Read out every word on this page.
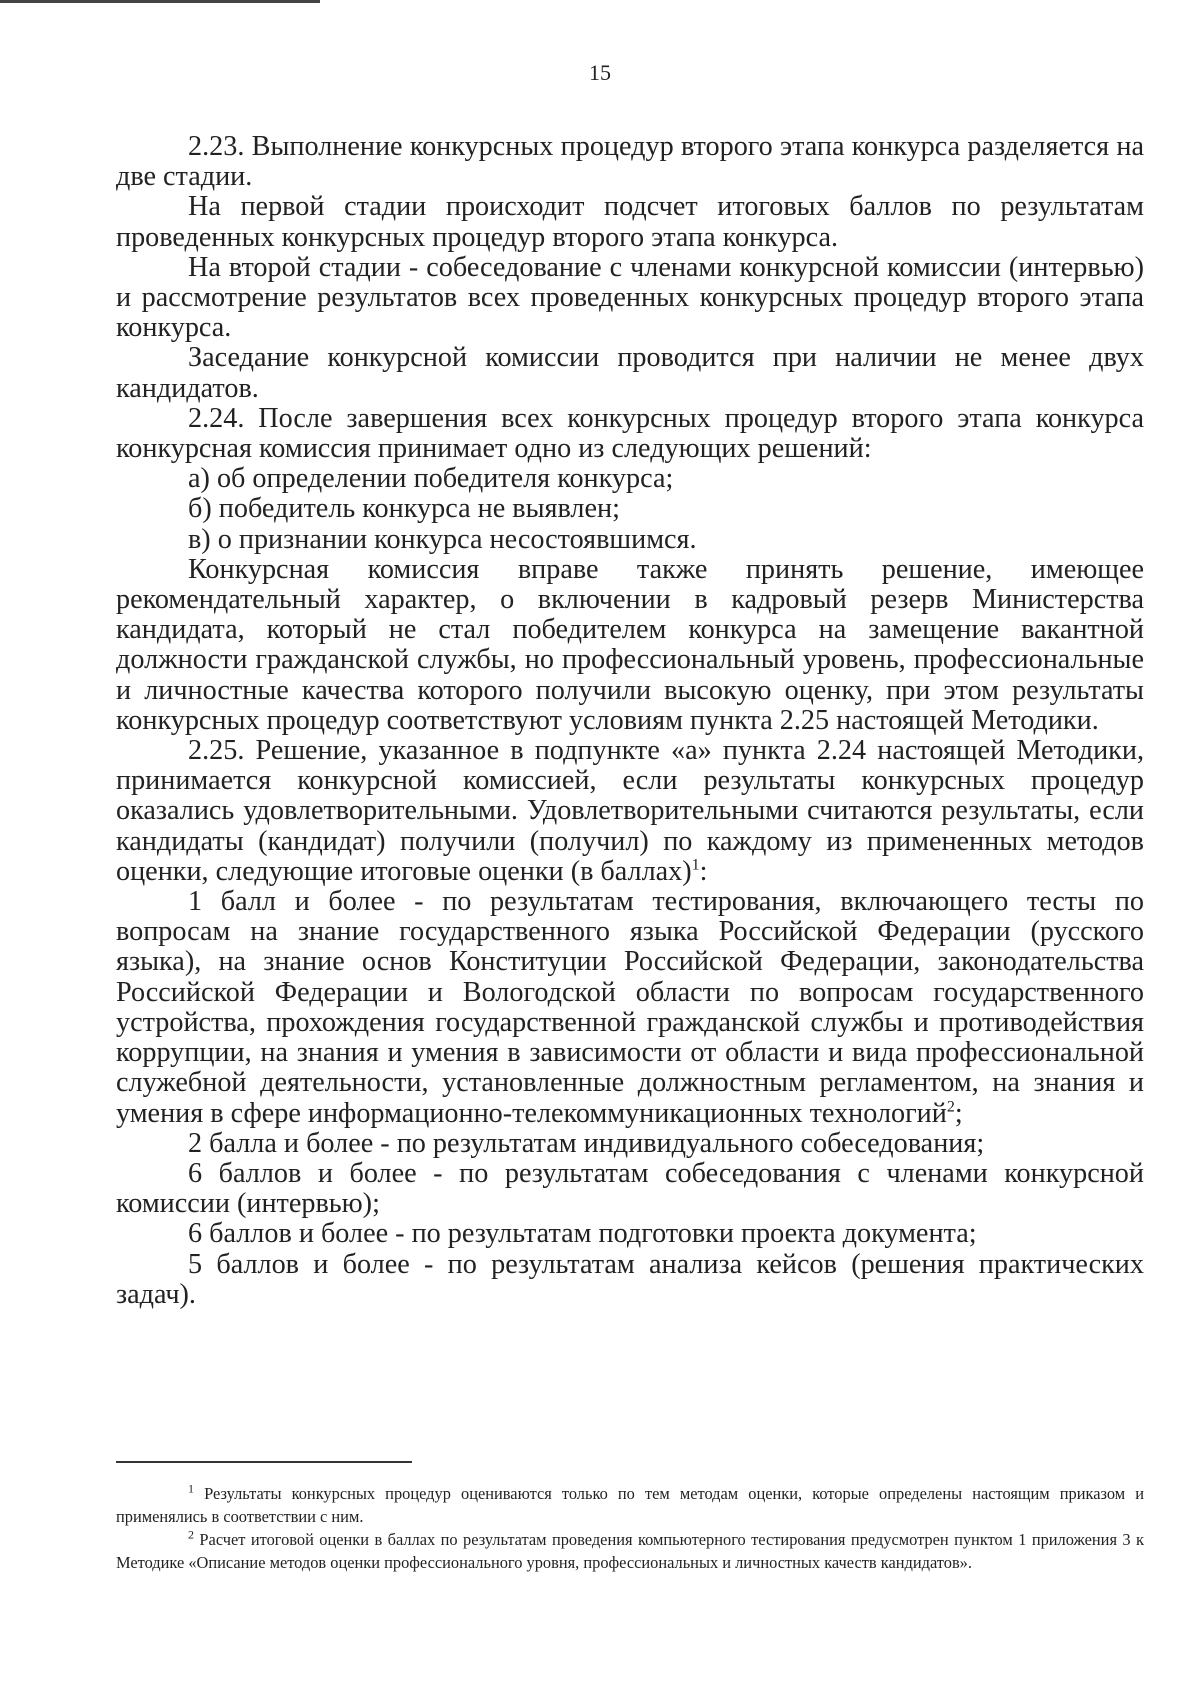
15

2.23. Выполнение конкурсных процедур второго этапа конкурса разделяется на две стадии.

На первой стадии происходит подсчет итоговых баллов по результатам проведенных конкурсных процедур второго этапа конкурса.

На второй стадии - собеседование с членами конкурсной комиссии (интервью) и рассмотрение результатов всех проведенных конкурсных процедур второго этапа конкурса.

Заседание конкурсной комиссии проводится при наличии не менее двух кандидатов.

2.24. После завершения всех конкурсных процедур второго этапа конкурса конкурсная комиссия принимает одно из следующих решений:

а) об определении победителя конкурса;

б) победитель конкурса не выявлен;

в) о признании конкурса несостоявшимся.

Конкурсная комиссия вправе также принять решение, имеющее рекомендательный характер, о включении в кадровый резерв Министерства кандидата, который не стал победителем конкурса на замещение вакантной должности гражданской службы, но профессиональный уровень, профессиональные и личностные качества которого получили высокую оценку, при этом результаты конкурсных процедур соответствуют условиям пункта 2.25 настоящей Методики.

2.25. Решение, указанное в подпункте «а» пункта 2.24 настоящей Методики, принимается конкурсной комиссией, если результаты конкурсных процедур оказались удовлетворительными. Удовлетворительными считаются результаты, если кандидаты (кандидат) получили (получил) по каждому из примененных методов оценки, следующие итоговые оценки (в баллах)$^1$:

1 балл и более - по результатам тестирования, включающего тесты по вопросам на знание государственного языка Российской Федерации (русского языка), на знание основ Конституции Российской Федерации, законодательства Российской Федерации и Вологодской области по вопросам государственного устройства, прохождения государственной гражданской службы и противодействия коррупции, на знания и умения в зависимости от области и вида профессиональной служебной деятельности, установленные должностным регламентом, на знания и умения в сфере информационно-телекоммуникационных технологий$^2$;

2 балла и более - по результатам индивидуального собеседования;

6 баллов и более - по результатам собеседования с членами конкурсной комиссии (интервью);

6 баллов и более - по результатам подготовки проекта документа;

5 баллов и более - по результатам анализа кейсов (решения практических задач).

$^1$ Результаты конкурсных процедур оцениваются только по тем методам оценки, которые определены настоящим приказом и применялись в соответствии с ним.

$^2$ Расчет итоговой оценки в баллах по результатам проведения компьютерного тестирования предусмотрен пунктом 1 приложения 3 к Методике «Описание методов оценки профессионального уровня, профессиональных и личностных качеств кандидатов».
